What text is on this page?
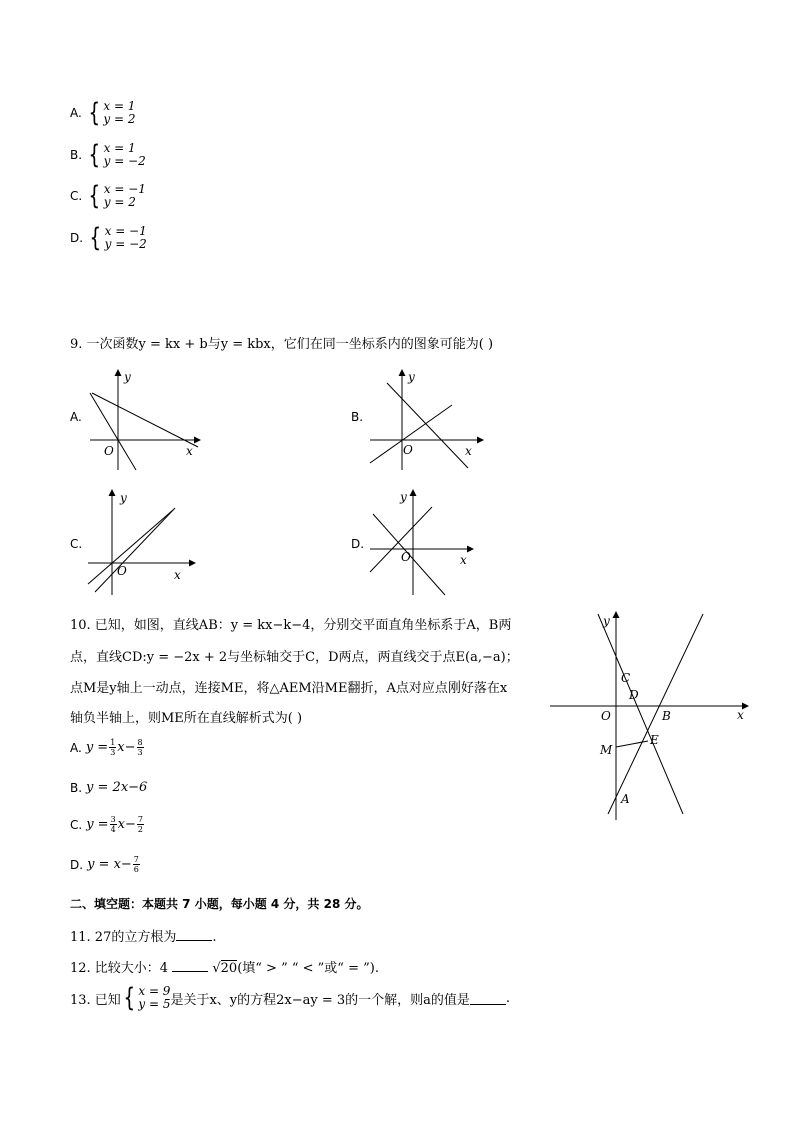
A. { x = 1
y = 2
B. { x = 1
y = −2
C. { x = −1
y = 2
D. { x = −1
y = −2
9. 一次函数y = kx + b与y = kbx，它们在同一坐标系内的图象可能为( )
A.
y
x
O
B.
y
x
O
C.
y
x
O
D.
y
x
O
10. 已知，如图，直线AB：y = kx−k−4，分别交平面直角坐标系于A，B两
点，直线CD:y = −2x + 2与坐标轴交于C，D两点，两直线交于点E(a,−a)；
点M是y轴上一动点，连接ME，将△AEM沿ME翻折，A点对应点刚好落在x
轴负半轴上，则ME所在直线解析式为( )
A. $y = \frac{1}{3} x- \frac{8}{3}$
B. y = 2x−6
C. $y = \frac{3}{4} x- \frac{7}{2}$
D. $y = x- \frac{7}{6}$
y
x
O
C
D
B
E
M
A
二、填空题：本题共 7 小题，每小题 4 分，共 28 分。
11. 27的立方根为	.
12. 比较大小：4	√20(填“ > ” “ < ”或“ = ”).
13. 已知 { x = 9
y = 5 是关于x、y的方程2x−ay = 3的一个解，则a的值是	.
